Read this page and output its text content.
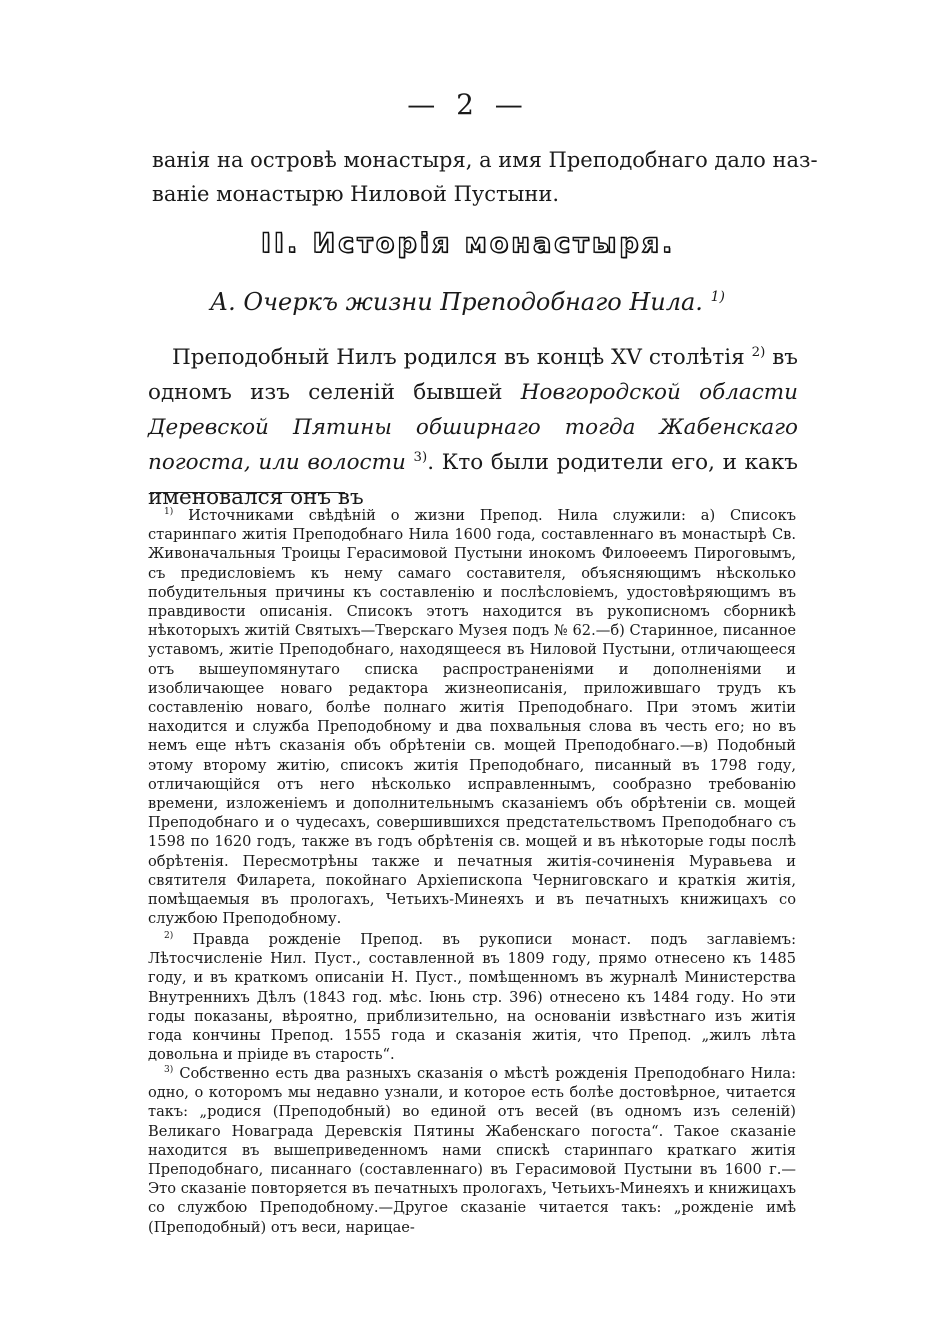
— 2 —
ванія на островѣ монастыря, а имя Преподобнаго дало наз-
ваніе монастырю Ниловой Пустыни.
II. Исторія монастыря.
А. Очеркъ жизни Преподобнаго Нила. $^{1)}$
Преподобный Нилъ родился въ концѣ XV столѣтія $^{2)}$ въ одномъ изъ селеній бывшей Новгородской области Деревской Пятины обширнаго тогда Жабенскаго погоста, или волости $^{3)}$. Кто были родители его, и какъ именовался онъ въ
$^{1)}$ Источниками свѣдѣній о жизни Препод. Нила служили: а) Списокъ старинпаго житія Преподобнаго Нила 1600 года, составленнаго въ монастырѣ Св. Живоначальныя Троицы Герасимовой Пустыни инокомъ Филоѳеемъ Пироговымъ, съ предисловіемъ къ нему самаго составителя, объясняющимъ нѣсколько побудительныя причины къ составленію и послѣсловіемъ, удостовѣряющимъ въ правдивости описанія. Списокъ этотъ находится въ рукописномъ сборникѣ нѣкоторыхъ житій Святыхъ—Тверскаго Музея подъ № 62.—б) Старинное, писанное уставомъ, житіе Преподобнаго, находящееся въ Ниловой Пустыни, отличающееся отъ вышеупомянутаго списка распространеніями и дополненіями и изобличающее новаго редактора жизнеописанія, приложившаго трудъ къ составленію новаго, болѣе полнаго житія Преподобнаго. При этомъ житіи находится и служба Преподобному и два похвальныя слова въ честь его; но въ немъ еще нѣтъ сказанія объ обрѣтеніи св. мощей Преподобнаго.—в) Подобный этому второму житію, списокъ житія Преподобнаго, писанный въ 1798 году, отличающійся отъ него нѣсколько исправленнымъ, сообразно требованію времени, изложеніемъ и дополнительнымъ сказаніемъ объ обрѣтеніи св. мощей Преподобнаго и о чудесахъ, совершившихся предстательствомъ Преподобнаго съ 1598 по 1620 годъ, также въ годъ обрѣтенія св. мощей и въ нѣкоторые годы послѣ обрѣтенія. Пересмотрѣны также и печатныя житія-сочиненія Муравьева и святителя Филарета, покойнаго Архіепископа Черниговскаго и краткія житія, помѣщаемыя въ прологахъ, Четьихъ-Минеяхъ и въ печатныхъ книжицахъ со службою Преподобному.
$^{2)}$ Правда рожденіе Препод. въ рукописи монаст. подъ заглавіемъ: Лѣтосчисленіе Нил. Пуст., составленной въ 1809 году, прямо отнесено къ 1485 году, и въ краткомъ описаніи Н. Пуст., помѣщенномъ въ журналѣ Министерства Внутреннихъ Дѣлъ (1843 год. мѣс. Іюнь стр. 396) отнесено къ 1484 году. Но эти годы показаны, вѣроятно, приблизительно, на основаніи извѣстнаго изъ житія года кончины Препод. 1555 года и сказанія житія, что Препод. „жилъ лѣта довольна и пріиде въ старость“.
$^{3)}$ Собственно есть два разныхъ сказанія о мѣстѣ рожденія Преподобнаго Нила: одно, о которомъ мы недавно узнали, и которое есть болѣе достовѣрное, читается такъ: „родися (Преподобный) во единой отъ весей (въ одномъ изъ селеній) Великаго Новаграда Деревскія Пятины Жабенскаго погоста“. Такое сказаніе находится въ вышеприведенномъ нами спискѣ старинпаго краткаго житія Преподобнаго, писаннаго (составленнаго) въ Герасимовой Пустыни въ 1600 г.—Это сказаніе повторяется въ печатныхъ прологахъ, Четьихъ-Минеяхъ и книжицахъ со службою Преподобному.—Другое сказаніе читается такъ: „рожденіе имѣ (Преподобный) отъ веси, нарицае-
